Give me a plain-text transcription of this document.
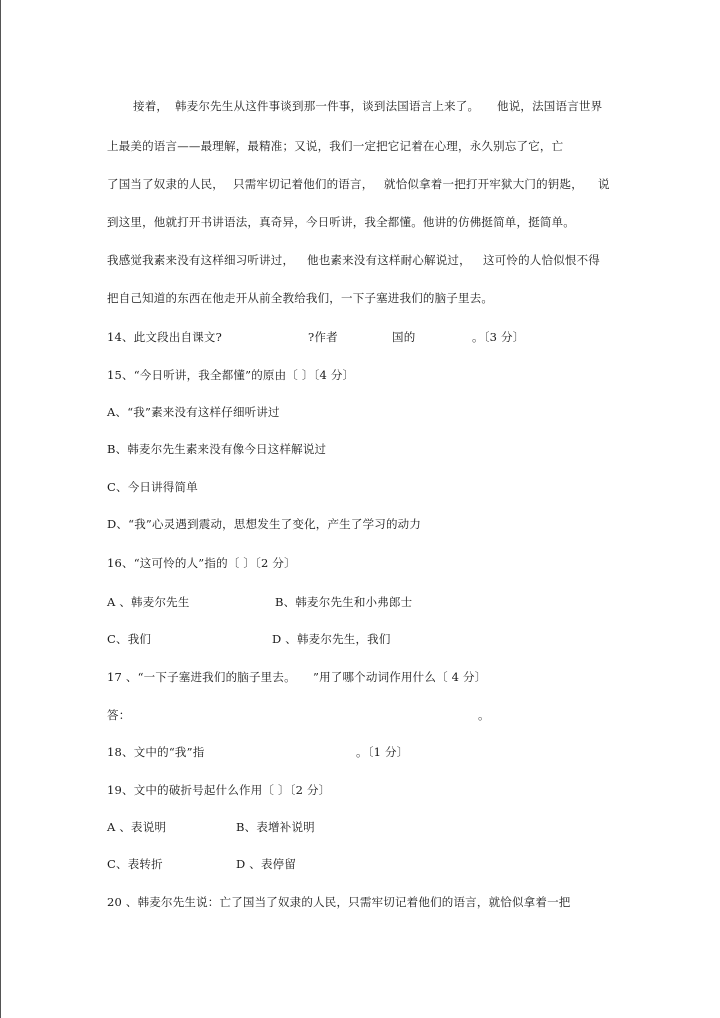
接着， 韩麦尔先生从这件事谈到那一件事，谈到法国语言上来了。 他说，法国语言世界
上最美的语言——最理解，最精准；又说，我们一定把它记着在心理，永久别忘了它，亡
了国当了奴隶的人民， 只需牢切记着他们的语言， 就恰似拿着一把打开牢狱大门的钥匙， 说
到这里，他就打开书讲语法，真奇异，今日听讲，我全都懂。他讲的仿佛挺简单，挺简单。
我感觉我素来没有这样细习听讲过， 他也素来没有这样耐心解说过， 这可怜的人恰似恨不得
把自己知道的东西在他走开从前全教给我们，一下子塞进我们的脑子里去。
14、此文段出自课文?	?作者	国的	。〔3 分〕
15、“今日听讲，我全都懂”的原由〔 〕〔4 分〕
A、“我”素来没有这样仔细听讲过
B、韩麦尔先生素来没有像今日这样解说过
C、今日讲得简单
D、“我”心灵遇到震动，思想发生了变化，产生了学习的动力
16、“这可怜的人”指的〔 〕〔2 分〕
A 、韩麦尔先生	B、韩麦尔先生和小弗郎士
C、我们	D 、韩麦尔先生，我们
17 、“一下子塞进我们的脑子里去。 ”用了哪个动词作用什么〔 4 分〕
答：	。
18、文中的“我”指	。〔1 分〕
19、文中的破折号起什么作用〔 〕〔2 分〕
A 、表说明	B、表增补说明
C、表转折	D 、表停留
20 、韩麦尔先生说：亡了国当了奴隶的人民，只需牢切记着他们的语言，就恰似拿着一把
